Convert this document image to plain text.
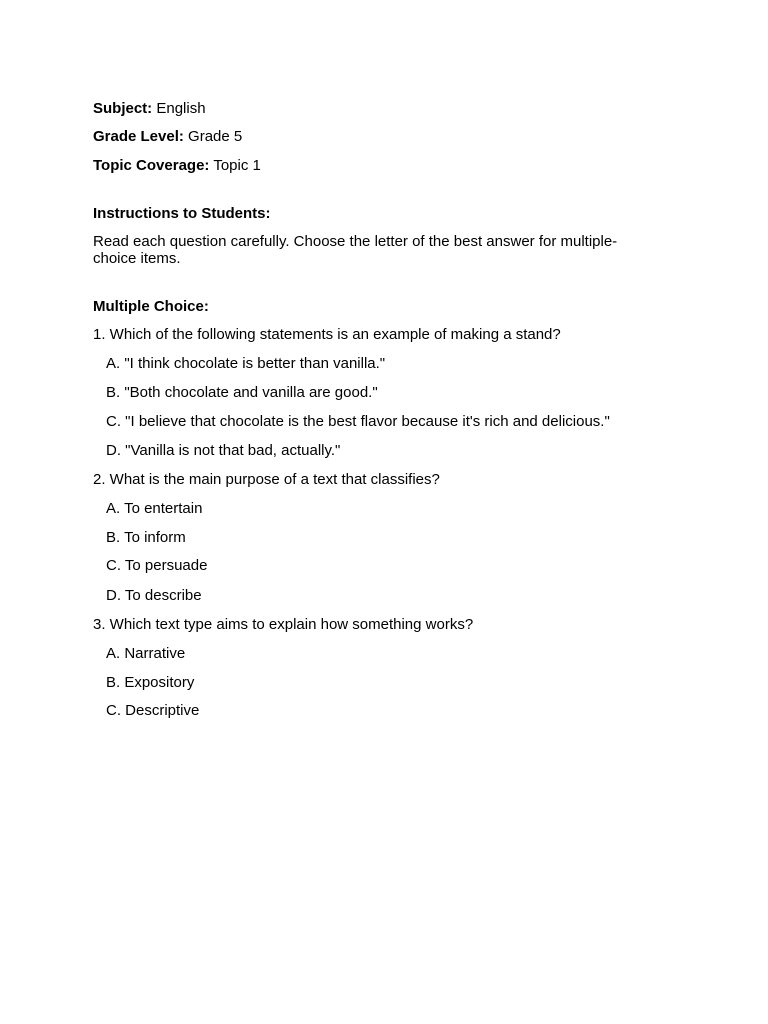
Subject: English
Grade Level: Grade 5
Topic Coverage: Topic 1
Instructions to Students:
Read each question carefully. Choose the letter of the best answer for multiple-choice items.
Multiple Choice:
1. Which of the following statements is an example of making a stand?
A. "I think chocolate is better than vanilla."
B. "Both chocolate and vanilla are good."
C. "I believe that chocolate is the best flavor because it's rich and delicious."
D. "Vanilla is not that bad, actually."
2. What is the main purpose of a text that classifies?
A. To entertain
B. To inform
C. To persuade
D. To describe
3. Which text type aims to explain how something works?
A. Narrative
B. Expository
C. Descriptive
